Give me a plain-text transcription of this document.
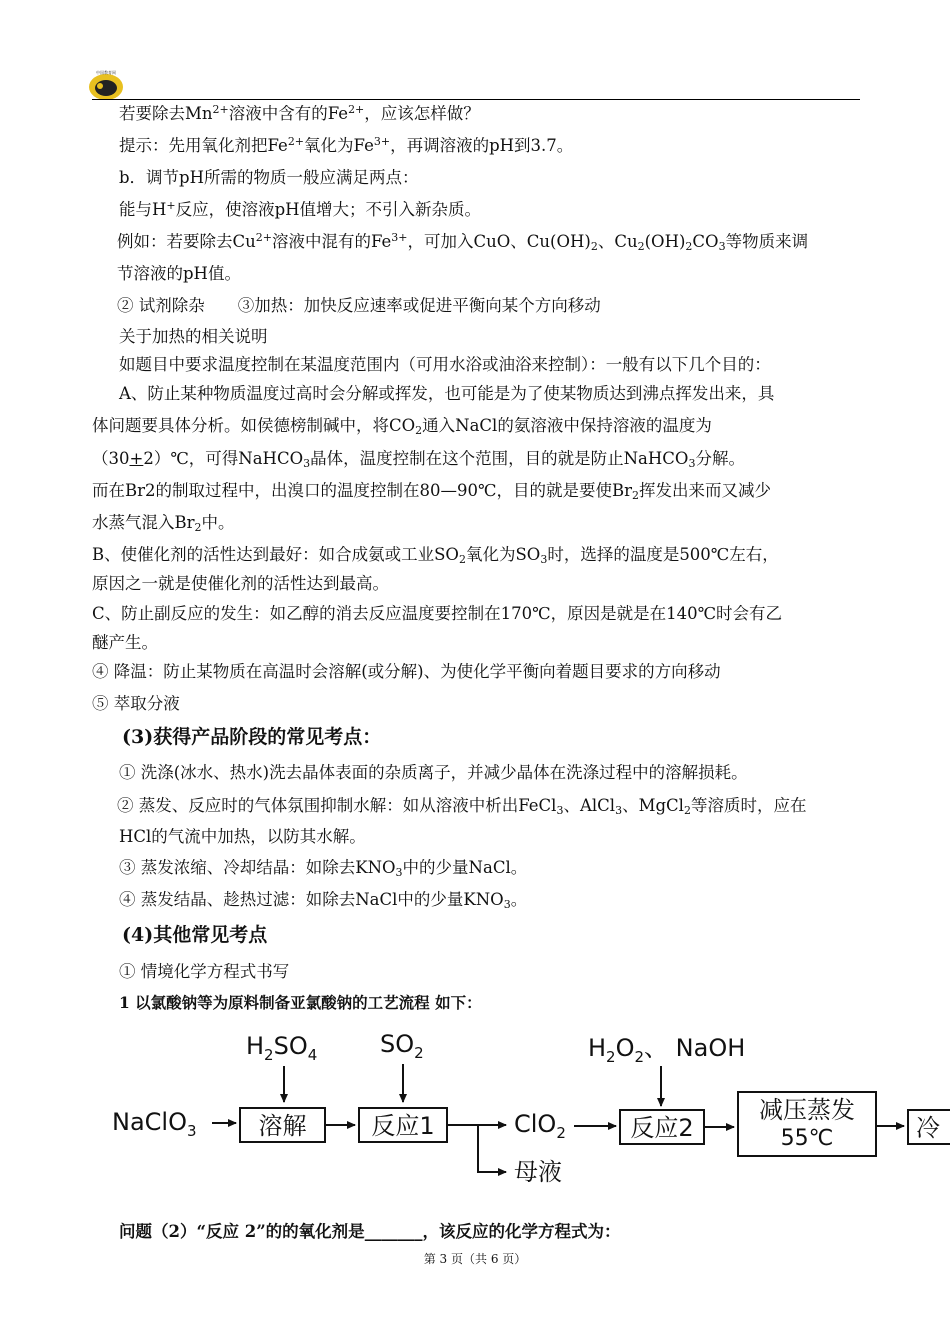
中国教育网
若要除去$Mn^{2+}$溶液中含有的$Fe^{2+}$，应该怎样做？
提示：先用氧化剂把$Fe^{2+}$氧化为$Fe^{3+}$，再调溶液的pH到3.7。
b．调节pH所需的物质一般应满足两点：
能与H+反应，使溶液pH值增大；不引入新杂质。
例如：若要除去$Cu^{2+}$溶液中混有的$Fe^{3+}$，可加入CuO、$Cu(OH)_2$、$Cu_2(OH)_2CO_3$等物质来调
节溶液的pH值。
② 试剂除杂　　③加热：加快反应速率或促进平衡向某个方向移动
关于加热的相关说明
如题目中要求温度控制在某温度范围内（可用水浴或油浴来控制）：一般有以下几个目的：
A、防止某种物质温度过高时会分解或挥发，也可能是为了使某物质达到沸点挥发出来，具
体问题要具体分析。如侯德榜制碱中，将$CO_2$通入NaCl的氨溶液中保持溶液的温度为
（30+2）℃，可得NaHCO$_3$晶体，温度控制在这个范围，目的就是防止NaHCO$_3$分解。
而在Br2的制取过程中，出溴口的温度控制在80—90℃，目的就是要使$Br_2$挥发出来而又减少
水蒸气混入$Br_2$中。
B、使催化剂的活性达到最好：如合成氨或工业$SO_2$氧化为$SO_3$时，选择的温度是500℃左右，
原因之一就是使催化剂的活性达到最高。
C、防止副反应的发生：如乙醇的消去反应温度要控制在170℃，原因是就是在140℃时会有乙
醚产生。
④ 降温：防止某物质在高温时会溶解(或分解)、为使化学平衡向着题目要求的方向移动
⑤ 萃取分液
(3)获得产品阶段的常见考点：
① 洗涤(冰水、热水)洗去晶体表面的杂质离子，并减少晶体在洗涤过程中的溶解损耗。
② 蒸发、反应时的气体氛围抑制水解：如从溶液中析出FeCl$_3$、AlCl$_3$、MgCl$_2$等溶质时，应在
HCl的气流中加热，以防其水解。
③ 蒸发浓缩、冷却结晶：如除去$KNO_3$中的少量NaCl。
④ 蒸发结晶、趁热过滤：如除去NaCl中的少量$KNO_3$。
(4)其他常见考点
① 情境化学方程式书写
1 以氯酸钠等为原料制备亚氯酸钠的工艺流程 如下：
$H_2SO_4$	$SO_2$	$H_2O_2$、 NaOH
NaClO$_3$	溶解	反应1
母液
ClO$_2$	反应2
减压蒸发
55℃	冷
问题（2）“反应 2”的的氧化剂是_______，该反应的化学方程式为：
第 3 页（共 6 页）
